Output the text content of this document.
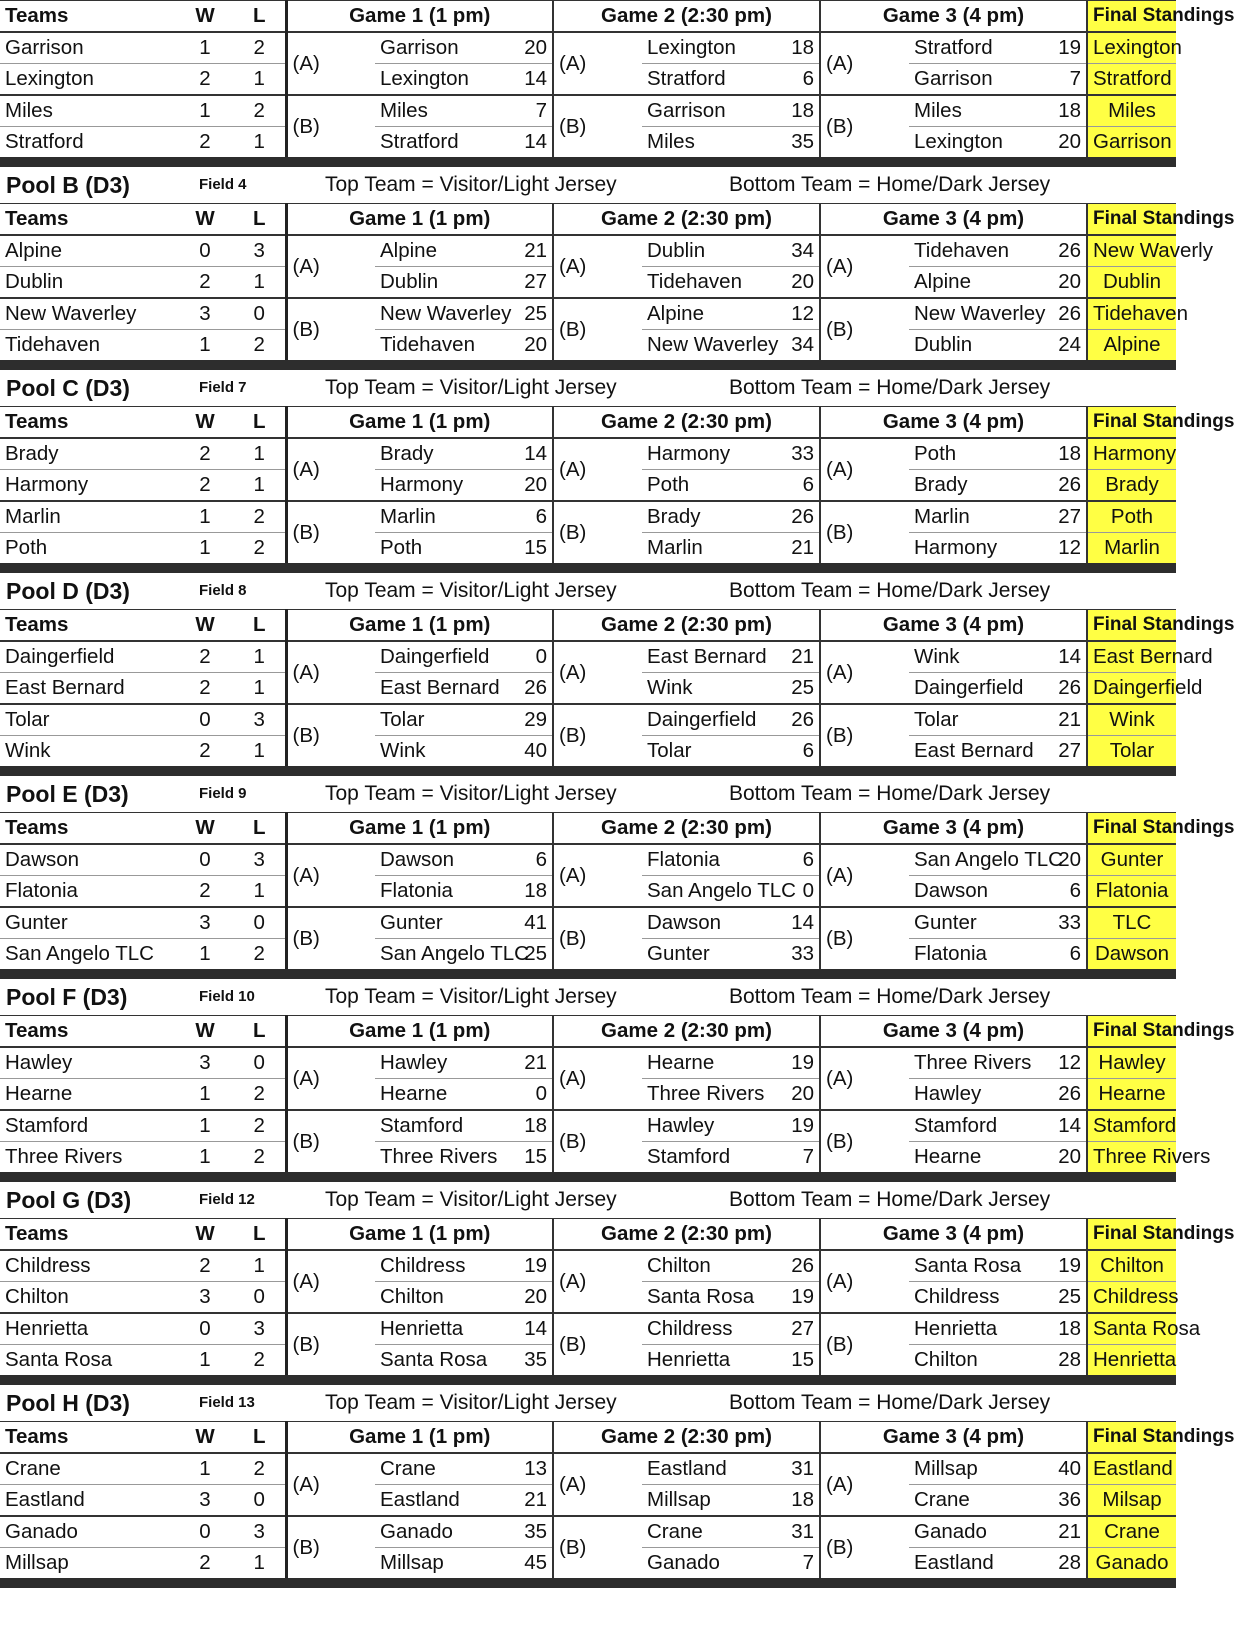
Teams	W	L	Game 1 (1 pm)			Game 2 (2:30 pm)			Game 3 (4 pm)			Final Standings
Garrison	1	2	(A)	Garrison	20	(A)	Lexington	18	(A)	Stratford	19	Lexington
Lexington	2	1		Lexington	14		Stratford	6		Garrison	7	Stratford
Miles	1	2	(B)	Miles	7	(B)	Garrison	18	(B)	Miles	18	Miles
Stratford	2	1		Stratford	14		Miles	35		Lexington	20	Garrison
Pool B (D3)	Field 4	Top Team = Visitor/Light Jersey	Bottom Team = Home/Dark Jersey
Teams	W	L	Game 1 (1 pm)			Game 2 (2:30 pm)			Game 3 (4 pm)			Final Standings
Alpine	0	3	(A)	Alpine	21	(A)	Dublin	34	(A)	Tidehaven	26	New Waverly
Dublin	2	1		Dublin	27		Tidehaven	20		Alpine	20	Dublin
New Waverley	3	0	(B)	New Waverley	25	(B)	Alpine	12	(B)	New Waverley	26	Tidehaven
Tidehaven	1	2		Tidehaven	20		New Waverley	34		Dublin	24	Alpine
Pool C (D3)	Field 7	Top Team = Visitor/Light Jersey	Bottom Team = Home/Dark Jersey
Teams	W	L	Game 1 (1 pm)			Game 2 (2:30 pm)			Game 3 (4 pm)			Final Standings
Brady	2	1	(A)	Brady	14	(A)	Harmony	33	(A)	Poth	18	Harmony
Harmony	2	1		Harmony	20		Poth	6		Brady	26	Brady
Marlin	1	2	(B)	Marlin	6	(B)	Brady	26	(B)	Marlin	27	Poth
Poth	1	2		Poth	15		Marlin	21		Harmony	12	Marlin
Pool D (D3)	Field 8	Top Team = Visitor/Light Jersey	Bottom Team = Home/Dark Jersey
Teams	W	L	Game 1 (1 pm)			Game 2 (2:30 pm)			Game 3 (4 pm)			Final Standings
Daingerfield	2	1	(A)	Daingerfield	0	(A)	East Bernard	21	(A)	Wink	14	East Bernard
East Bernard	2	1		East Bernard	26		Wink	25		Daingerfield	26	Daingerfield
Tolar	0	3	(B)	Tolar	29	(B)	Daingerfield	26	(B)	Tolar	21	Wink
Wink	2	1		Wink	40		Tolar	6		East Bernard	27	Tolar
Pool E (D3)	Field 9	Top Team = Visitor/Light Jersey	Bottom Team = Home/Dark Jersey
Teams	W	L	Game 1 (1 pm)			Game 2 (2:30 pm)			Game 3 (4 pm)			Final Standings
Dawson	0	3	(A)	Dawson	6	(A)	Flatonia	6	(A)	San Angelo TLC	20	Gunter
Flatonia	2	1		Flatonia	18		San Angelo TLC	0		Dawson	6	Flatonia
Gunter	3	0	(B)	Gunter	41	(B)	Dawson	14	(B)	Gunter	33	TLC
San Angelo TLC	1	2		San Angelo TLC	25		Gunter	33		Flatonia	6	Dawson
Pool F (D3)	Field 10	Top Team = Visitor/Light Jersey	Bottom Team = Home/Dark Jersey
Teams	W	L	Game 1 (1 pm)			Game 2 (2:30 pm)			Game 3 (4 pm)			Final Standings
Hawley	3	0	(A)	Hawley	21	(A)	Hearne	19	(A)	Three Rivers	12	Hawley
Hearne	1	2		Hearne	0		Three Rivers	20		Hawley	26	Hearne
Stamford	1	2	(B)	Stamford	18	(B)	Hawley	19	(B)	Stamford	14	Stamford
Three Rivers	1	2		Three Rivers	15		Stamford	7		Hearne	20	Three Rivers
Pool G (D3)	Field 12	Top Team = Visitor/Light Jersey	Bottom Team = Home/Dark Jersey
Teams	W	L	Game 1 (1 pm)			Game 2 (2:30 pm)			Game 3 (4 pm)			Final Standings
Childress	2	1	(A)	Childress	19	(A)	Chilton	26	(A)	Santa Rosa	19	Chilton
Chilton	3	0		Chilton	20		Santa Rosa	19		Childress	25	Childress
Henrietta	0	3	(B)	Henrietta	14	(B)	Childress	27	(B)	Henrietta	18	Santa Rosa
Santa Rosa	1	2		Santa Rosa	35		Henrietta	15		Chilton	28	Henrietta
Pool H (D3)	Field 13	Top Team = Visitor/Light Jersey	Bottom Team = Home/Dark Jersey
Teams	W	L	Game 1 (1 pm)			Game 2 (2:30 pm)			Game 3 (4 pm)			Final Standings
Crane	1	2	(A)	Crane	13	(A)	Eastland	31	(A)	Millsap	40	Eastland
Eastland	3	0		Eastland	21		Millsap	18		Crane	36	Milsap
Ganado	0	3	(B)	Ganado	35	(B)	Crane	31	(B)	Ganado	21	Crane
Millsap	2	1		Millsap	45		Ganado	7		Eastland	28	Ganado
